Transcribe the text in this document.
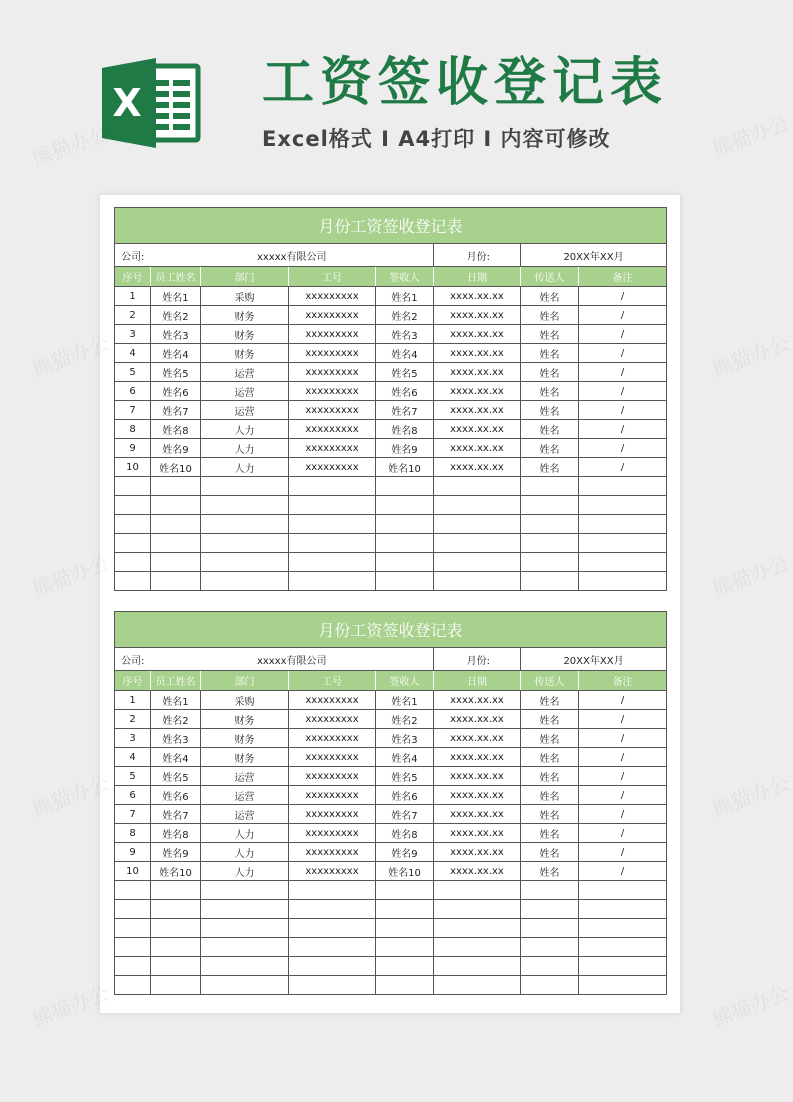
X 工资签收登记表
Excel格式 I A4打印 I 内容可修改
月份工资签收登记表							
公司:	xxxxx有限公司				月份:	20XX年XX月	
序号	员工姓名	部门	工号	签收人	日期	传送人	备注
1	姓名1	采购	xxxxxxxxx	姓名1	xxxx.xx.xx	姓名	/
2	姓名2	财务	xxxxxxxxx	姓名2	xxxx.xx.xx	姓名	/
3	姓名3	财务	xxxxxxxxx	姓名3	xxxx.xx.xx	姓名	/
4	姓名4	财务	xxxxxxxxx	姓名4	xxxx.xx.xx	姓名	/
5	姓名5	运营	xxxxxxxxx	姓名5	xxxx.xx.xx	姓名	/
6	姓名6	运营	xxxxxxxxx	姓名6	xxxx.xx.xx	姓名	/
7	姓名7	运营	xxxxxxxxx	姓名7	xxxx.xx.xx	姓名	/
8	姓名8	人力	xxxxxxxxx	姓名8	xxxx.xx.xx	姓名	/
9	姓名9	人力	xxxxxxxxx	姓名9	xxxx.xx.xx	姓名	/
10	姓名10	人力	xxxxxxxxx	姓名10	xxxx.xx.xx	姓名	/

月份工资签收登记表							
公司:	xxxxx有限公司				月份:	20XX年XX月	
序号	员工姓名	部门	工号	签收人	日期	传送人	备注
1	姓名1	采购	xxxxxxxxx	姓名1	xxxx.xx.xx	姓名	/
2	姓名2	财务	xxxxxxxxx	姓名2	xxxx.xx.xx	姓名	/
3	姓名3	财务	xxxxxxxxx	姓名3	xxxx.xx.xx	姓名	/
4	姓名4	财务	xxxxxxxxx	姓名4	xxxx.xx.xx	姓名	/
5	姓名5	运营	xxxxxxxxx	姓名5	xxxx.xx.xx	姓名	/
6	姓名6	运营	xxxxxxxxx	姓名6	xxxx.xx.xx	姓名	/
7	姓名7	运营	xxxxxxxxx	姓名7	xxxx.xx.xx	姓名	/
8	姓名8	人力	xxxxxxxxx	姓名8	xxxx.xx.xx	姓名	/
9	姓名9	人力	xxxxxxxxx	姓名9	xxxx.xx.xx	姓名	/
10	姓名10	人力	xxxxxxxxx	姓名10	xxxx.xx.xx	姓名	/

熊猫办公	熊猫办公
熊猫办公	熊猫办公
熊猫办公	熊猫办公
熊猫办公	熊猫办公
熊猫办公	熊猫办公
